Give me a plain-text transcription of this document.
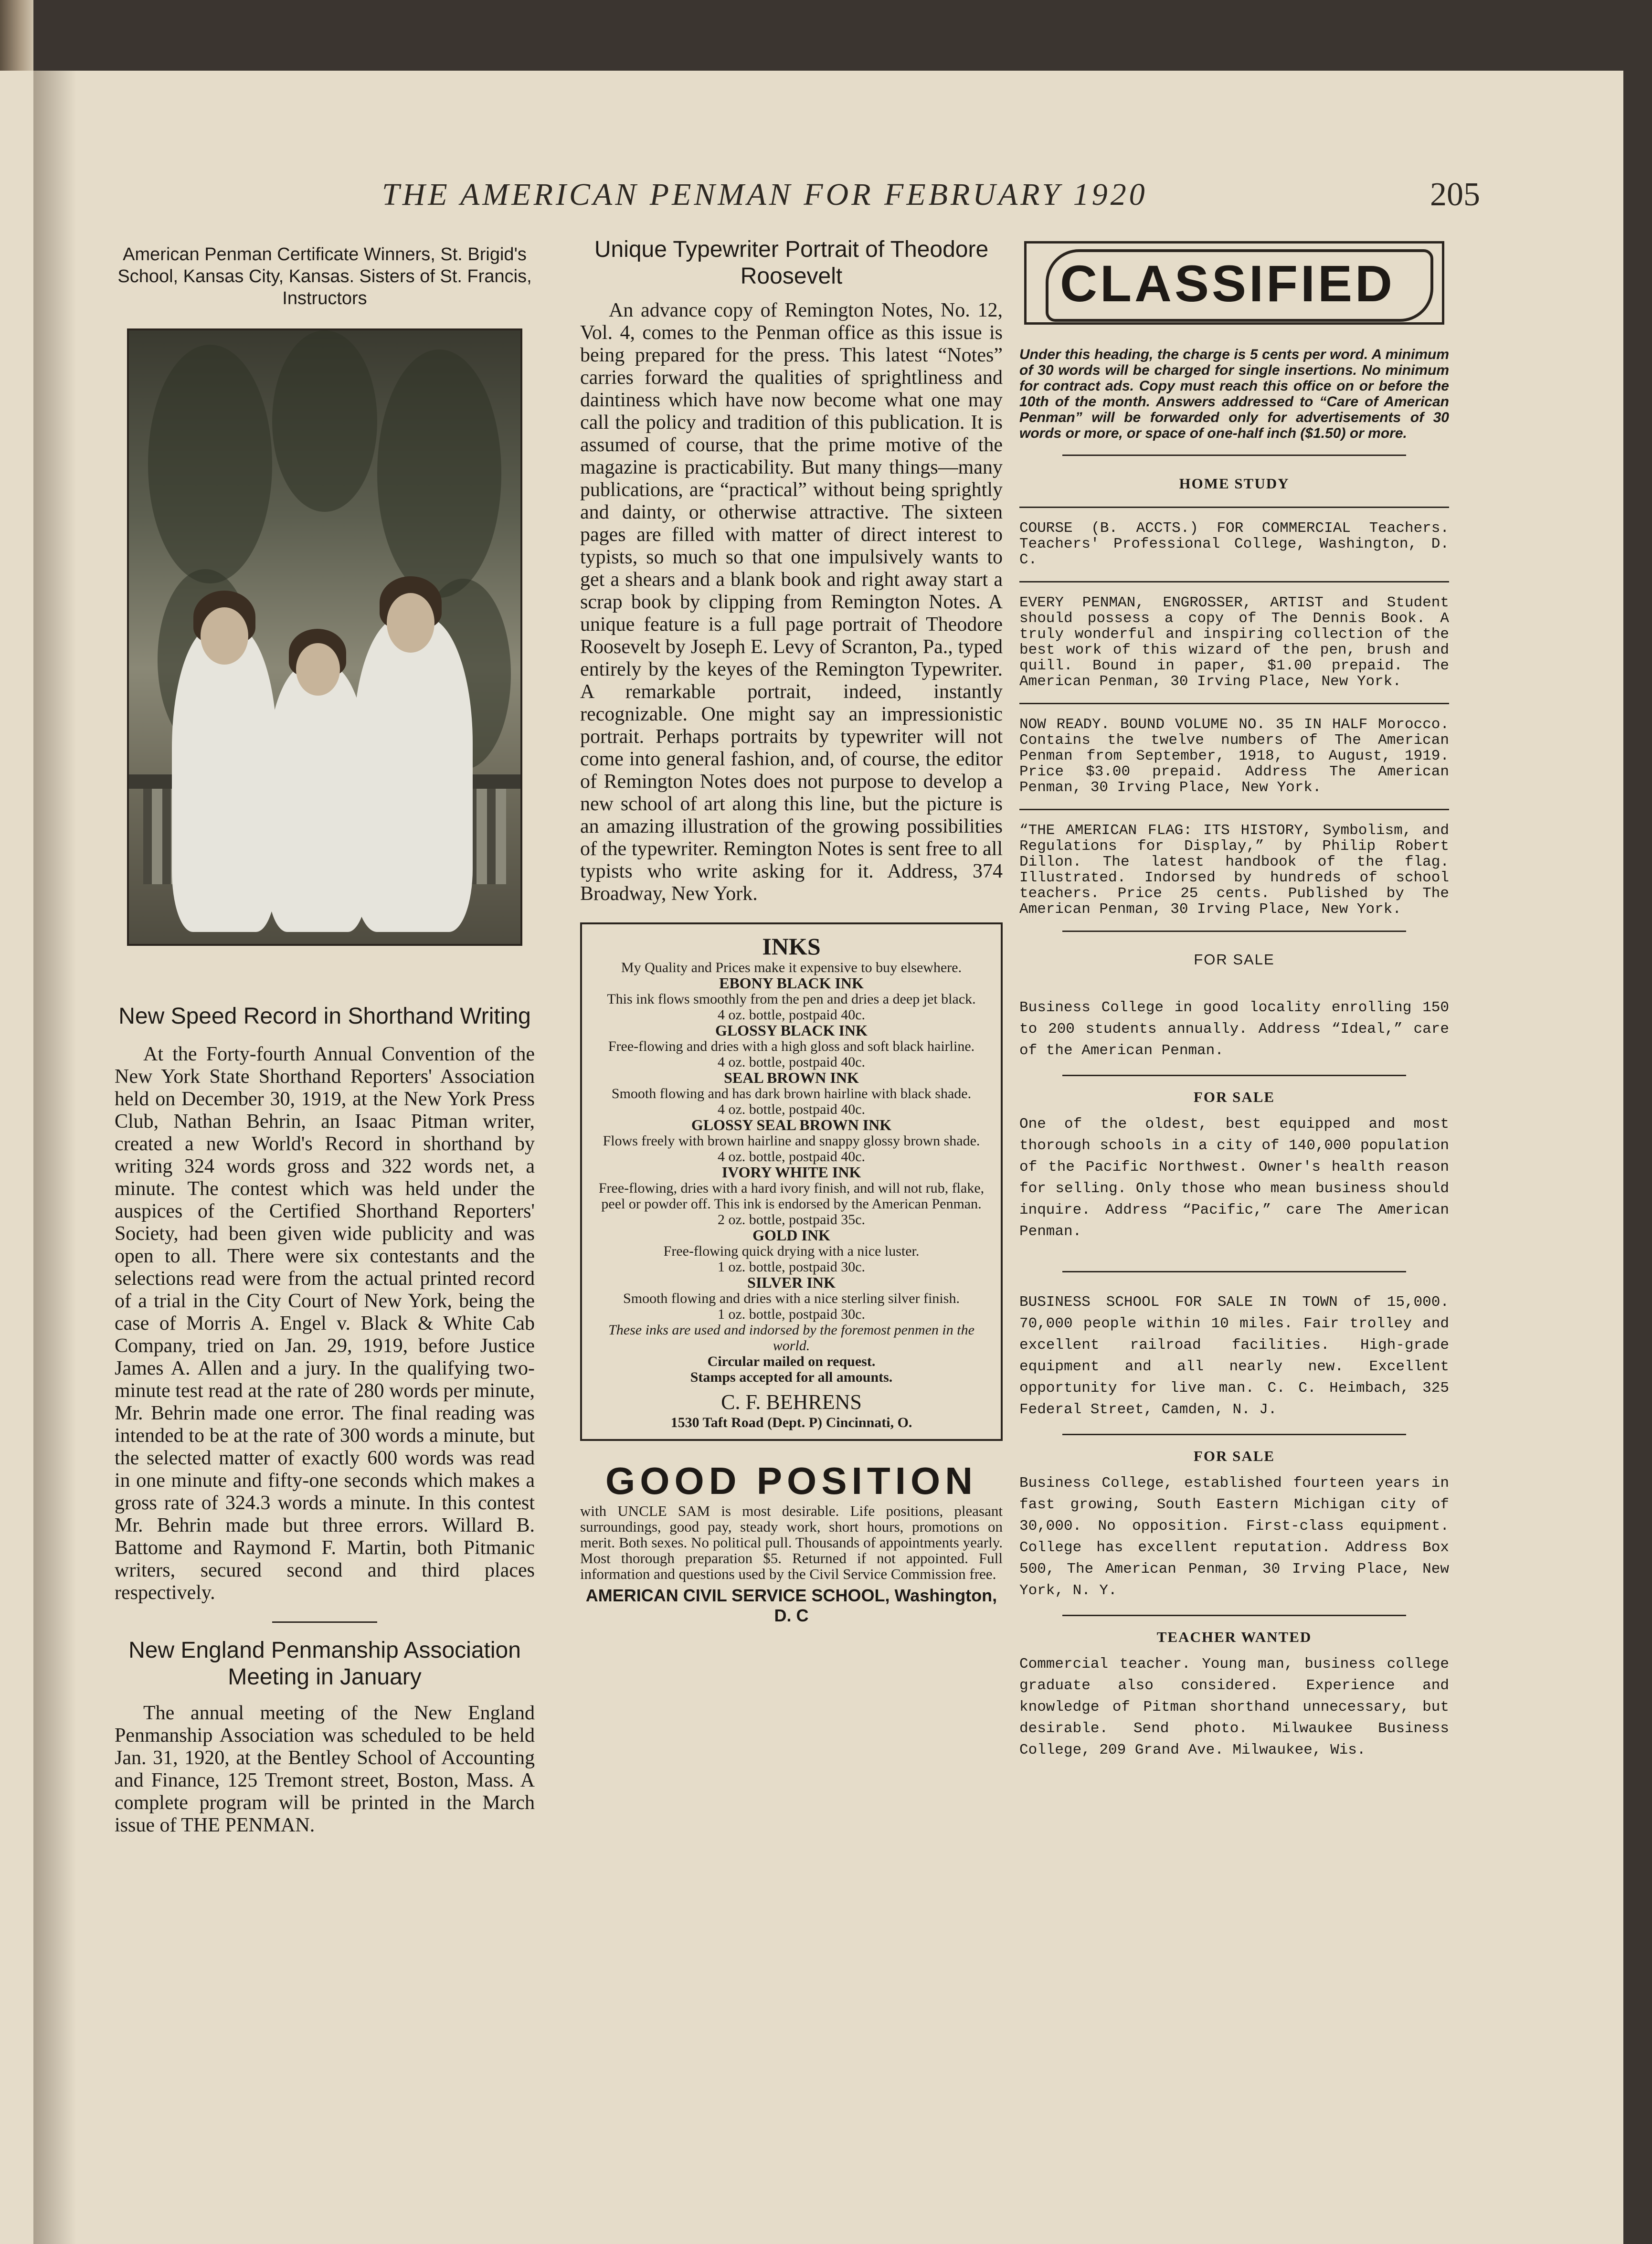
THE AMERICAN PENMAN FOR FEBRUARY 1920	205
American Penman Certificate Winners, St. Brigid's School, Kansas City, Kansas. Sisters of St. Francis, Instructors
New Speed Record in Shorthand Writing

At the Forty-fourth Annual Convention of the New York State Shorthand Reporters' Association held on December 30, 1919, at the New York Press Club, Nathan Behrin, an Isaac Pitman writer, created a new World's Record in shorthand by writing 324 words gross and 322 words net, a minute. The contest which was held under the auspices of the Certified Shorthand Reporters' Society, had been given wide publicity and was open to all. There were six contestants and the selections read were from the actual printed record of a trial in the City Court of New York, being the case of Morris A. Engel v. Black & White Cab Company, tried on Jan. 29, 1919, before Justice James A. Allen and a jury. In the qualifying two-minute test read at the rate of 280 words per minute, Mr. Behrin made one error. The final reading was intended to be at the rate of 300 words a minute, but the selected matter of exactly 600 words was read in one minute and fifty-one seconds which makes a gross rate of 324.3 words a minute. In this contest Mr. Behrin made but three errors. Willard B. Battome and Raymond F. Martin, both Pitmanic writers, secured second and third places respectively.

New England Penmanship Association Meeting in January

The annual meeting of the New England Penmanship Association was scheduled to be held Jan. 31, 1920, at the Bentley School of Accounting and Finance, 125 Tremont street, Boston, Mass. A complete program will be printed in the March issue of THE PENMAN.

Unique Typewriter Portrait of Theodore Roosevelt

An advance copy of Remington Notes, No. 12, Vol. 4, comes to the Penman office as this issue is being prepared for the press. This latest “Notes” carries forward the qualities of sprightliness and daintiness which have now become what one may call the policy and tradition of this publication. It is assumed of course, that the prime motive of the magazine is practicability. But many things—many publications, are “practical” without being sprightly and dainty, or otherwise attractive. The sixteen pages are filled with matter of direct interest to typists, so much so that one impulsively wants to get a shears and a blank book and right away start a scrap book by clipping from Remington Notes. A unique feature is a full page portrait of Theodore Roosevelt by Joseph E. Levy of Scranton, Pa., typed entirely by the keyes of the Remington Typewriter. A remarkable portrait, indeed, instantly recognizable. One might say an impressionistic portrait. Perhaps portraits by typewriter will not come into general fashion, and, of course, the editor of Remington Notes does not purpose to develop a new school of art along this line, but the picture is an amazing illustration of the growing possibilities of the typewriter. Remington Notes is sent free to all typists who write asking for it. Address, 374 Broadway, New York.

INKS
My Quality and Prices make it expensive to buy elsewhere.
EBONY BLACK INK
This ink flows smoothly from the pen and dries a deep jet black.
4 oz. bottle, postpaid 40c.
GLOSSY BLACK INK
Free-flowing and dries with a high gloss and soft black hairline.
4 oz. bottle, postpaid 40c.
SEAL BROWN INK
Smooth flowing and has dark brown hairline with black shade.
4 oz. bottle, postpaid 40c.
GLOSSY SEAL BROWN INK
Flows freely with brown hairline and snappy glossy brown shade.
4 oz. bottle, postpaid 40c.
IVORY WHITE INK
Free-flowing, dries with a hard ivory finish, and will not rub, flake, peel or powder off. This ink is endorsed by the American Penman.
2 oz. bottle, postpaid 35c.
GOLD INK
Free-flowing quick drying with a nice luster.
1 oz. bottle, postpaid 30c.
SILVER INK
Smooth flowing and dries with a nice sterling silver finish.
1 oz. bottle, postpaid 30c.
These inks are used and indorsed by the foremost penmen in the world.
Circular mailed on request.
Stamps accepted for all amounts.
C. F. BEHRENS
1530 Taft Road (Dept. P) Cincinnati, O.
GOOD POSITION
with UNCLE SAM is most desirable. Life positions, pleasant surroundings, good pay, steady work, short hours, promotions on merit. Both sexes. No political pull. Thousands of appointments yearly. Most thorough preparation $5. Returned if not appointed. Full information and questions used by the Civil Service Commission free.
AMERICAN CIVIL SERVICE SCHOOL, Washington, D. C
CLASSIFIED
Under this heading, the charge is 5 cents per word. A minimum of 30 words will be charged for single insertions. No minimum for contract ads. Copy must reach this office on or before the 10th of the month. Answers addressed to “Care of American Penman” will be forwarded only for advertisements of 30 words or more, or space of one-half inch ($1.50) or more.
HOME STUDY
COURSE (B. ACCTS.) FOR COMMERCIAL Teachers. Teachers' Professional College, Washington, D. C.
EVERY PENMAN, ENGROSSER, ARTIST and Student should possess a copy of The Dennis Book. A truly wonderful and inspiring collection of the best work of this wizard of the pen, brush and quill. Bound in paper, $1.00 prepaid. The American Penman, 30 Irving Place, New York.
NOW READY. BOUND VOLUME NO. 35 IN HALF Morocco. Contains the twelve numbers of The American Penman from September, 1918, to August, 1919. Price $3.00 prepaid. Address The American Penman, 30 Irving Place, New York.
“THE AMERICAN FLAG: ITS HISTORY, Symbolism, and Regulations for Display,” by Philip Robert Dillon. The latest handbook of the flag. Illustrated. Indorsed by hundreds of school teachers. Price 25 cents. Published by The American Penman, 30 Irving Place, New York.
FOR SALE
Business College in good locality enrolling 150 to 200 students annually. Address “Ideal,” care of the American Penman.
FOR SALE
One of the oldest, best equipped and most thorough schools in a city of 140,000 population of the Pacific Northwest. Owner's health reason for selling. Only those who mean business should inquire. Address “Pacific,” care The American Penman.
BUSINESS SCHOOL FOR SALE IN TOWN of 15,000. 70,000 people within 10 miles. Fair trolley and excellent railroad facilities. High-grade equipment and all nearly new. Excellent opportunity for live man. C. C. Heimbach, 325 Federal Street, Camden, N. J.
FOR SALE
Business College, established fourteen years in fast growing, South Eastern Michigan city of 30,000. No opposition. First-class equipment. College has excellent reputation. Address Box 500, The American Penman, 30 Irving Place, New York, N. Y.
TEACHER WANTED
Commercial teacher. Young man, business college graduate also considered. Experience and knowledge of Pitman shorthand unnecessary, but desirable. Send photo. Milwaukee Business College, 209 Grand Ave. Milwaukee, Wis.
